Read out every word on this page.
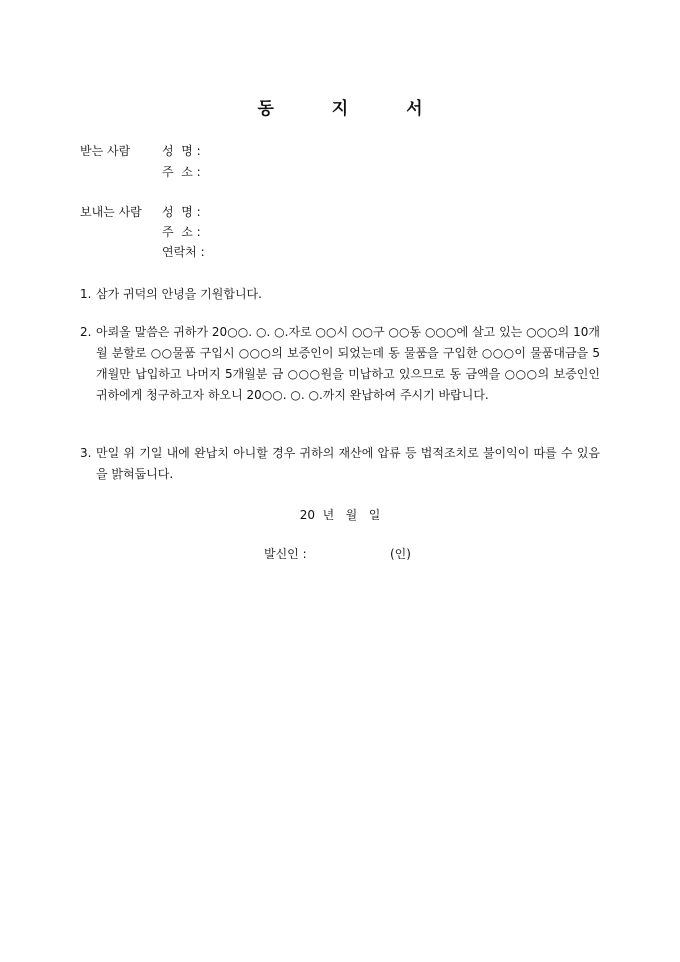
동 지 서
받는 사람	성  명 :
주  소 :
보내는 사람 성  명 :
주  소 :
연락처 :
1. 삼가 귀덕의 안녕을 기원합니다.
2. 아뢰올 말씀은 귀하가 20○○. ○. ○.자로 ○○시 ○○구 ○○동 ○○○에 살고 있는 ○○○의 10개월 분할로 ○○물품 구입시 ○○○의 보증인이 되었는데 동 물품을 구입한 ○○○이 물품대금을 5개월만 납입하고 나머지 5개월분 금 ○○○원을 미납하고 있으므로 동 금액을 ○○○의 보증인인 귀하에게 청구하고자 하오니 20○○. ○. ○.까지 완납하여 주시기 바랍니다.
3. 만일 위 기일 내에 완납치 아니할 경우 귀하의 재산에 압류 등 법적조치로 불이익이 따를 수 있음을 밝혀둡니다.
20  년   월   일
발신인 :	(인)
